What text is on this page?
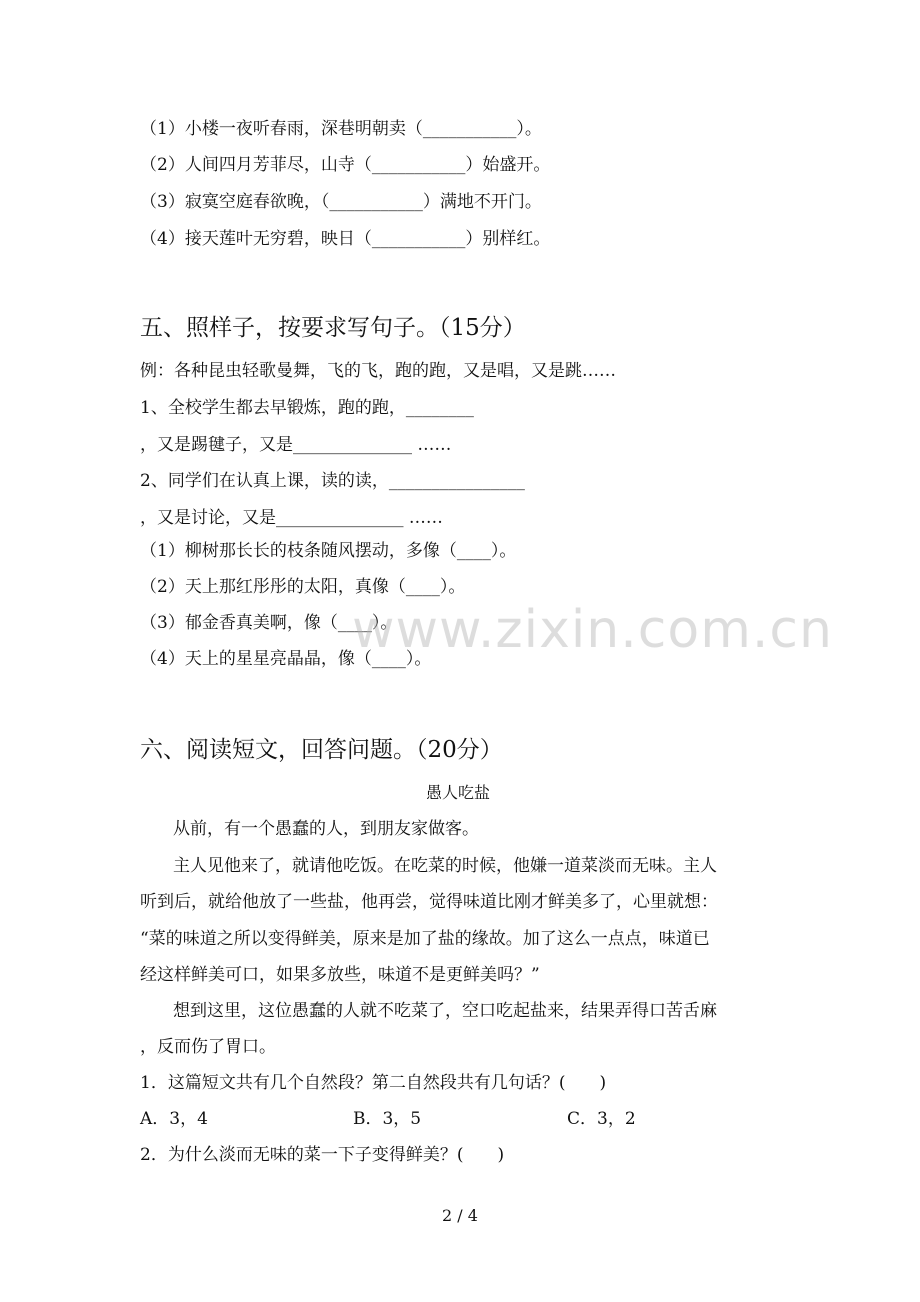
（1）小楼一夜听春雨，深巷明朝卖（___________）。
（2）人间四月芳菲尽，山寺（___________）始盛开。
（3）寂寞空庭春欲晚，（___________）满地不开门。
（4）接天莲叶无穷碧，映日（___________）别样红。
五、照样子，按要求写句子。（15分）
例：各种昆虫轻歌曼舞，飞的飞，跑的跑，又是唱，又是跳……
1、全校学生都去早锻炼，跑的跑，________
，又是踢毽子，又是______________ ……
2、同学们在认真上课，读的读，________________
，又是讨论，又是_______________ ……
（1）柳树那长长的枝条随风摆动，多像（____）。
（2）天上那红彤彤的太阳，真像（____）。
（3）郁金香真美啊，像（____）。
（4）天上的星星亮晶晶，像（____）。
www.zixin.com.cn
六、阅读短文，回答问题。（20分）
愚人吃盐
从前，有一个愚蠢的人，到朋友家做客。
主人见他来了，就请他吃饭。在吃菜的时候，他嫌一道菜淡而无味。主人
听到后，就给他放了一些盐，他再尝，觉得味道比刚才鲜美多了，心里就想：
“菜的味道之所以变得鲜美，原来是加了盐的缘故。加了这么一点点，味道已
经这样鲜美可口，如果多放些，味道不是更鲜美吗？”
想到这里，这位愚蠢的人就不吃菜了，空口吃起盐来，结果弄得口苦舌麻
，反而伤了胃口。
1．这篇短文共有几个自然段？第二自然段共有几句话？(　　)
A．3，4	B．3，5	C．3，2
2．为什么淡而无味的菜一下子变得鲜美？(　　)
2 / 4
